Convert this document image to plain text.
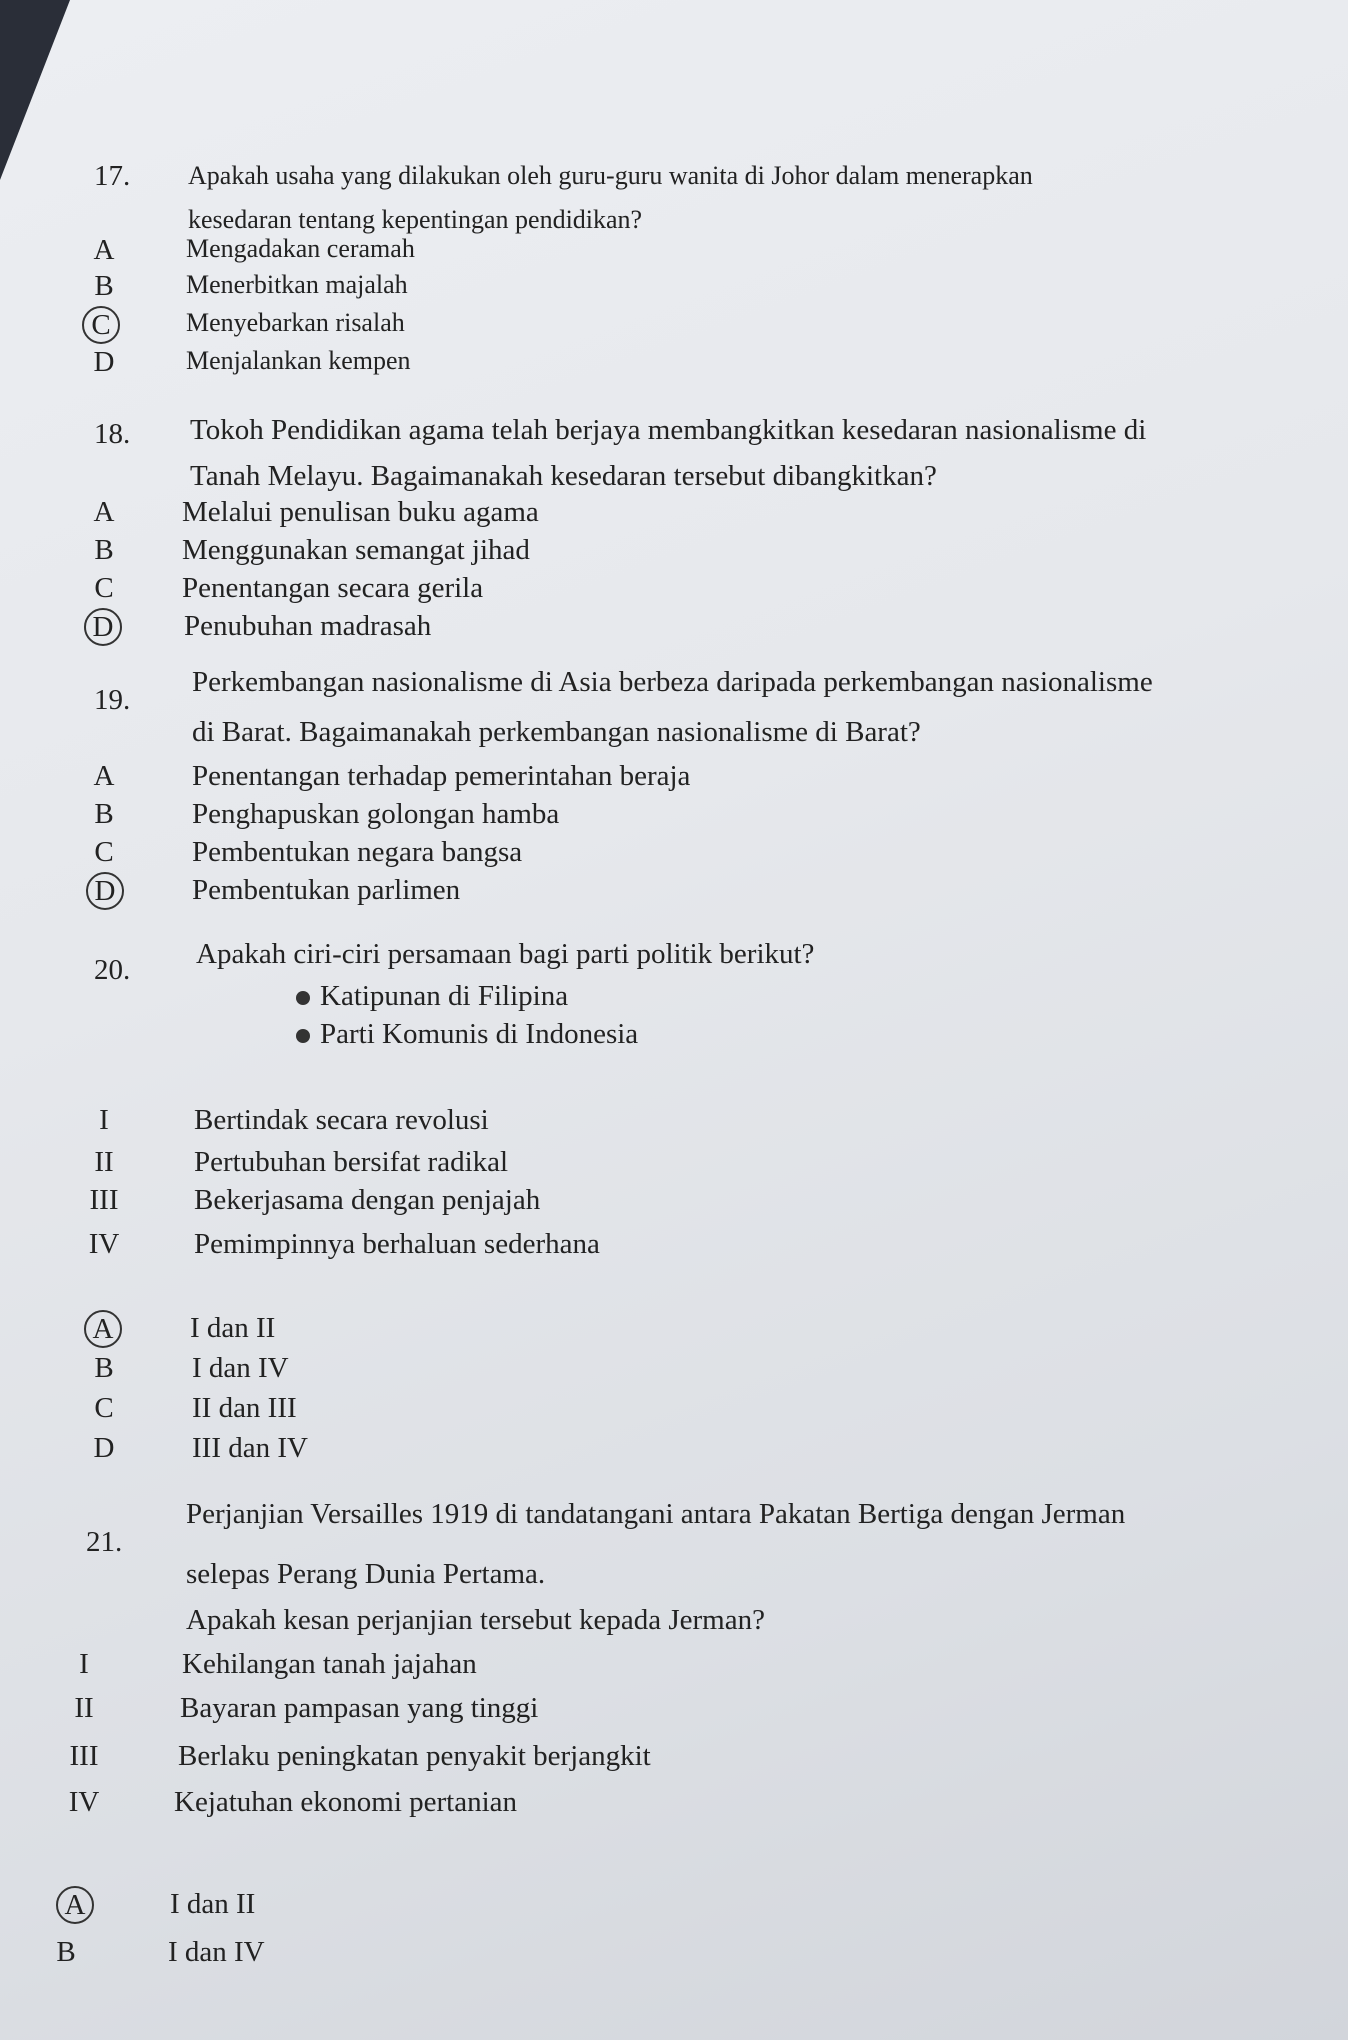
17. Apakah usaha yang dilakukan oleh guru-guru wanita di Johor dalam menerapkan
kesedaran tentang kepentingan pendidikan?
A	Mengadakan ceramah
B	Menerbitkan majalah
C	Menyebarkan risalah
D	Menjalankan kempen
18. Tokoh Pendidikan agama telah berjaya membangkitkan kesedaran nasionalisme di
Tanah Melayu. Bagaimanakah kesedaran tersebut dibangkitkan?
A	Melalui penulisan buku agama
B	Menggunakan semangat jihad
C	Penentangan secara gerila
D Penubuhan madrasah
19.
Perkembangan nasionalisme di Asia berbeza daripada perkembangan nasionalisme
di Barat. Bagaimanakah perkembangan nasionalisme di Barat?
A	Penentangan terhadap pemerintahan beraja
B	Penghapuskan golongan hamba
C	Pembentukan negara bangsa
D	Pembentukan parlimen
20. Apakah ciri-ciri persamaan bagi parti politik berikut?
Katipunan di Filipina
Parti Komunis di Indonesia
I	Bertindak secara revolusi
II	Pertubuhan bersifat radikal
III	Bekerjasama dengan penjajah
IV	Pemimpinnya berhaluan sederhana
A	I dan II
B	I dan IV
C	II dan III
D	III dan IV
21.
Perjanjian Versailles 1919 di tandatangani antara Pakatan Bertiga dengan Jerman
selepas Perang Dunia Pertama.
Apakah kesan perjanjian tersebut kepada Jerman?
I	Kehilangan tanah jajahan
II	Bayaran pampasan yang tinggi
III	Berlaku peningkatan penyakit berjangkit
IV	Kejatuhan ekonomi pertanian
A	I dan II
B	I dan IV
